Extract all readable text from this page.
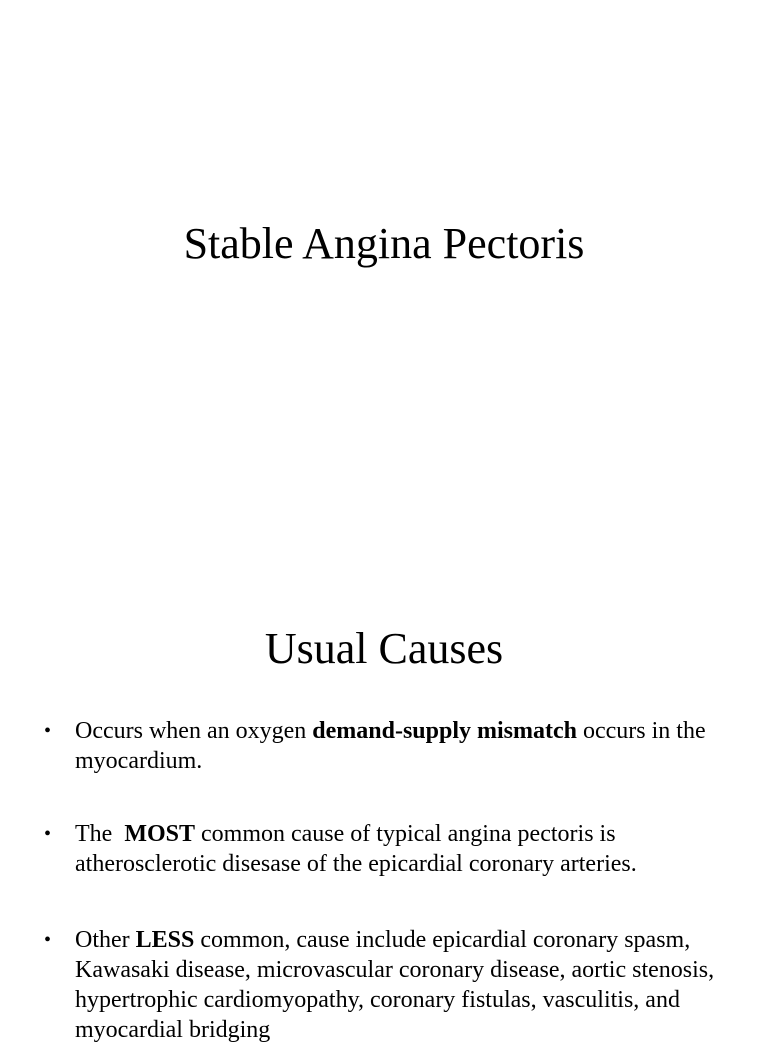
Stable Angina Pectoris
Usual Causes
• Occurs when an oxygen demand-supply mismatch occurs in the myocardium.
• The  MOST common cause of typical angina pectoris is atherosclerotic disesase of the epicardial coronary arteries.
• Other LESS common, cause include epicardial coronary spasm, Kawasaki disease, microvascular coronary disease, aortic stenosis, hypertrophic cardiomyopathy, coronary fistulas, vasculitis, and myocardial bridging
